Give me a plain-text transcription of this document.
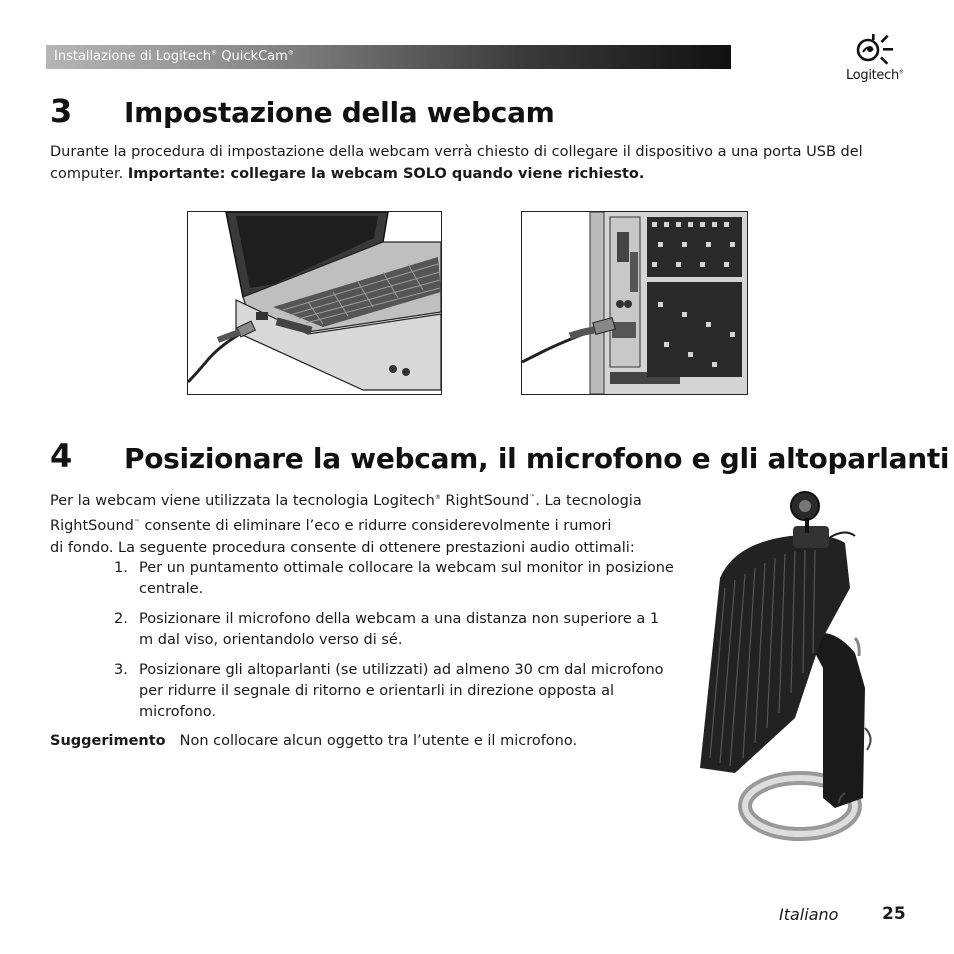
Installazione di Logitech® QuickCam®
Logitech®
3 Impostazione della webcam
Durante la procedura di impostazione della webcam verrà chiesto di collegare il dispositivo a una porta USB del computer. Importante: collegare la webcam SOLO quando viene richiesto.
4 Posizionare la webcam, il microfono e gli altoparlanti
Per la webcam viene utilizzata la tecnologia Logitech® RightSound™. La tecnologia
RightSound™ consente di eliminare l’eco e ridurre considerevolmente i rumori
di fondo. La seguente procedura consente di ottenere prestazioni audio ottimali:
1. Per un puntamento ottimale collocare la webcam sul monitor in posizione centrale.
2. Posizionare il microfono della webcam a una distanza non superiore a 1 m dal viso, orientandolo verso di sé.
3. Posizionare gli altoparlanti (se utilizzati) ad almeno 30 cm dal microfono per ridurre il segnale di ritorno e orientarli in direzione opposta al microfono.
Suggerimento Non collocare alcun oggetto tra l’utente e il microfono.
Italiano	25
